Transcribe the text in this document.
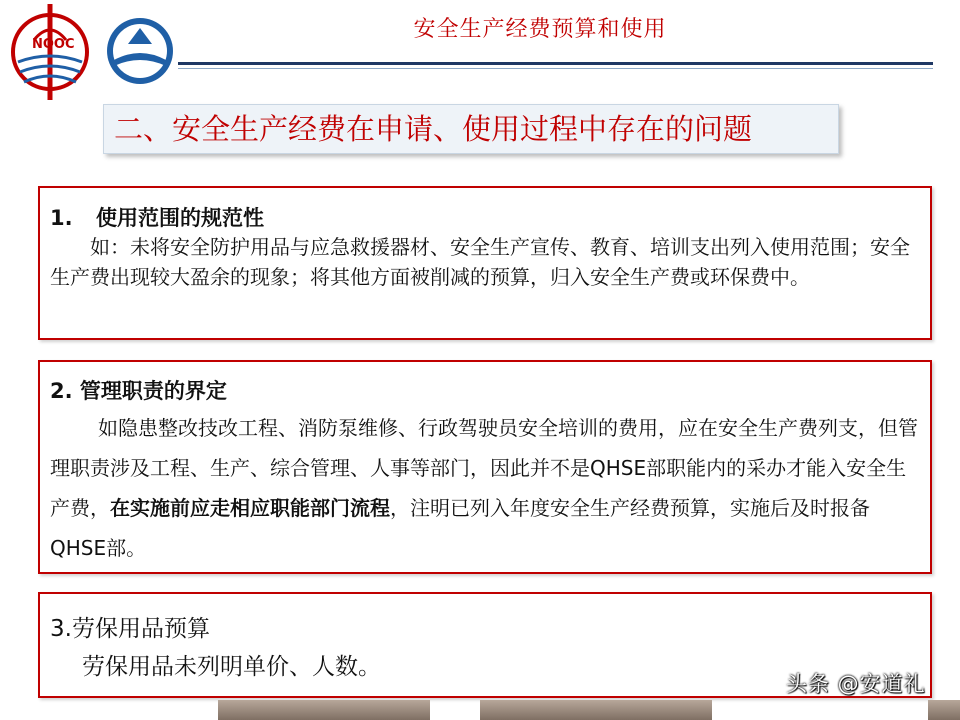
NOOC
安全生产经费预算和使用
二、安全生产经费在申请、使用过程中存在的问题
1. 使用范围的规范性

如：未将安全防护用品与应急救援器材、安全生产宣传、教育、培训支出列入使用范围；安全生产费出现较大盈余的现象；将其他方面被削减的预算，归入安全生产费或环保费中。

2. 管理职责的界定

如隐患整改技改工程、消防泵维修、行政驾驶员安全培训的费用，应在安全生产费列支，但管理职责涉及工程、生产、综合管理、人事等部门，因此并不是QHSE部职能内的采办才能入安全生产费，在实施前应走相应职能部门流程，注明已列入年度安全生产经费预算，实施后及时报备QHSE部。

3.劳保用品预算

劳保用品未列明单价、人数。

头条 @安道礼
